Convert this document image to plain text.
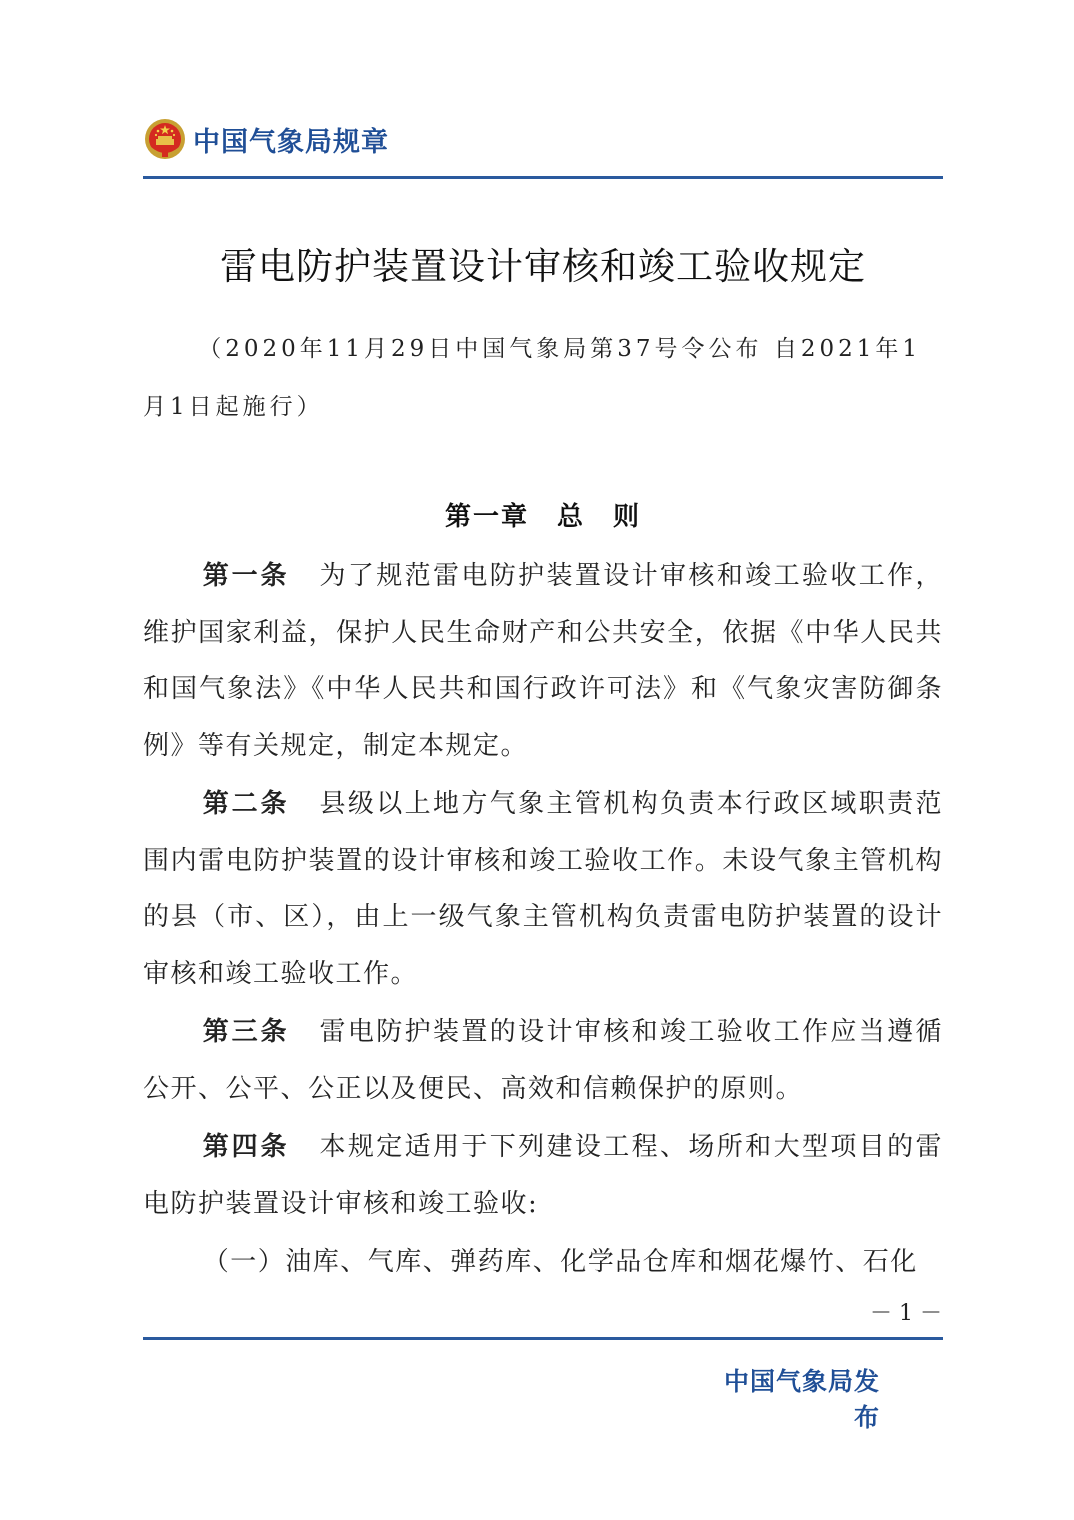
中国气象局规章
雷电防护装置设计审核和竣工验收规定
（2020年11月29日中国气象局第37号令公布 自2021年1月1日起施行）
第一章　总　则

第一条 为了规范雷电防护装置设计审核和竣工验收工作，维护国家利益，保护人民生命财产和公共安全，依据《中华人民共和国气象法》《中华人民共和国行政许可法》和《气象灾害防御条例》等有关规定，制定本规定。

第二条 县级以上地方气象主管机构负责本行政区域职责范围内雷电防护装置的设计审核和竣工验收工作。未设气象主管机构的县（市、区），由上一级气象主管机构负责雷电防护装置的设计审核和竣工验收工作。

第三条 雷电防护装置的设计审核和竣工验收工作应当遵循公开、公平、公正以及便民、高效和信赖保护的原则。

第四条 本规定适用于下列建设工程、场所和大型项目的雷电防护装置设计审核和竣工验收:

（一）油库、气库、弹药库、化学品仓库和烟花爆竹、石化

－ 1 －
中国气象局发布
